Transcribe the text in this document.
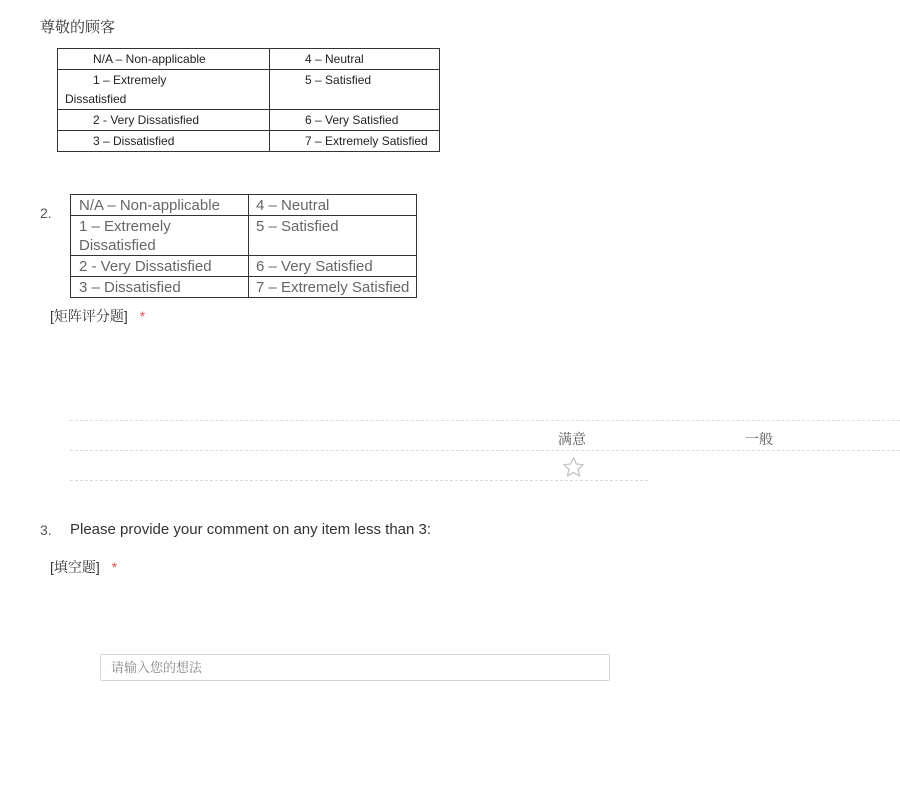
尊敬的顾客
N/A – Non-applicable	4 – Neutral
1 – Extremely
Dissatisfied	5 – Satisfied
2 - Very Dissatisfied	6 – Very Satisfied
3 – Dissatisfied	7 – Extremely Satisfied
2. N/A – Non-applicable	4 – Neutral
1 – Extremely Dissatisfied	5 – Satisfied
2 - Very Dissatisfied	6 – Very Satisfied
3 – Dissatisfied	7 – Extremely Satisfied
[矩阵评分题] *
满意	一般
3. Please provide your comment on any item less than 3:
[填空题] *
请输入您的想法
